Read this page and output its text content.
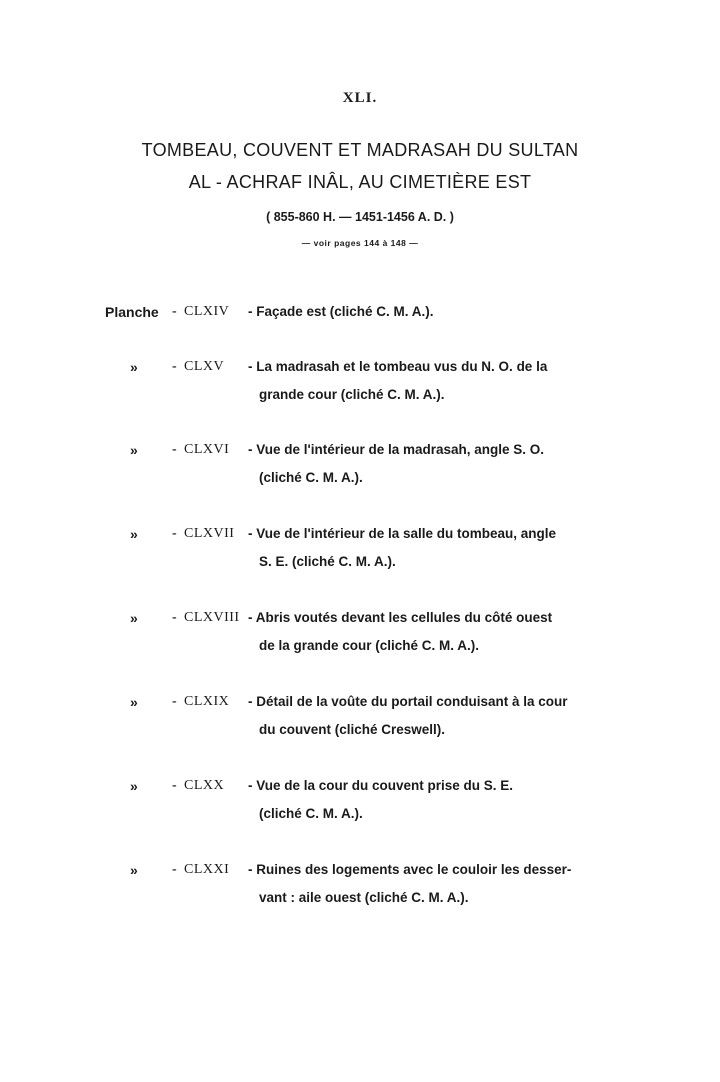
XLI.
TOMBEAU, COUVENT ET MADRASAH DU SULTAN
AL - ACHRAF INÂL, AU CIMETIÈRE EST
( 855-860 H. — 1451-1456 A. D. )
— voir pages 144 à 148 —
Planche - CLXIV - Façade est (cliché C. M. A.).
»	- CLXV - La madrasah et le tombeau vus du N. O. de la
grande cour (cliché C. M. A.).
»	- CLXVI - Vue de l'intérieur de la madrasah, angle S. O.
(cliché C. M. A.).
»	- CLXVII - Vue de l'intérieur de la salle du tombeau, angle
S. E. (cliché C. M. A.).
»	- CLXVIII - Abris voutés devant les cellules du côté ouest
de la grande cour (cliché C. M. A.).
»	- CLXIX - Détail de la voûte du portail conduisant à la cour
du couvent (cliché Creswell).
»	- CLXX - Vue de la cour du couvent prise du S. E.
(cliché C. M. A.).
»	- CLXXI - Ruines des logements avec le couloir les desser-
vant : aile ouest (cliché C. M. A.).
